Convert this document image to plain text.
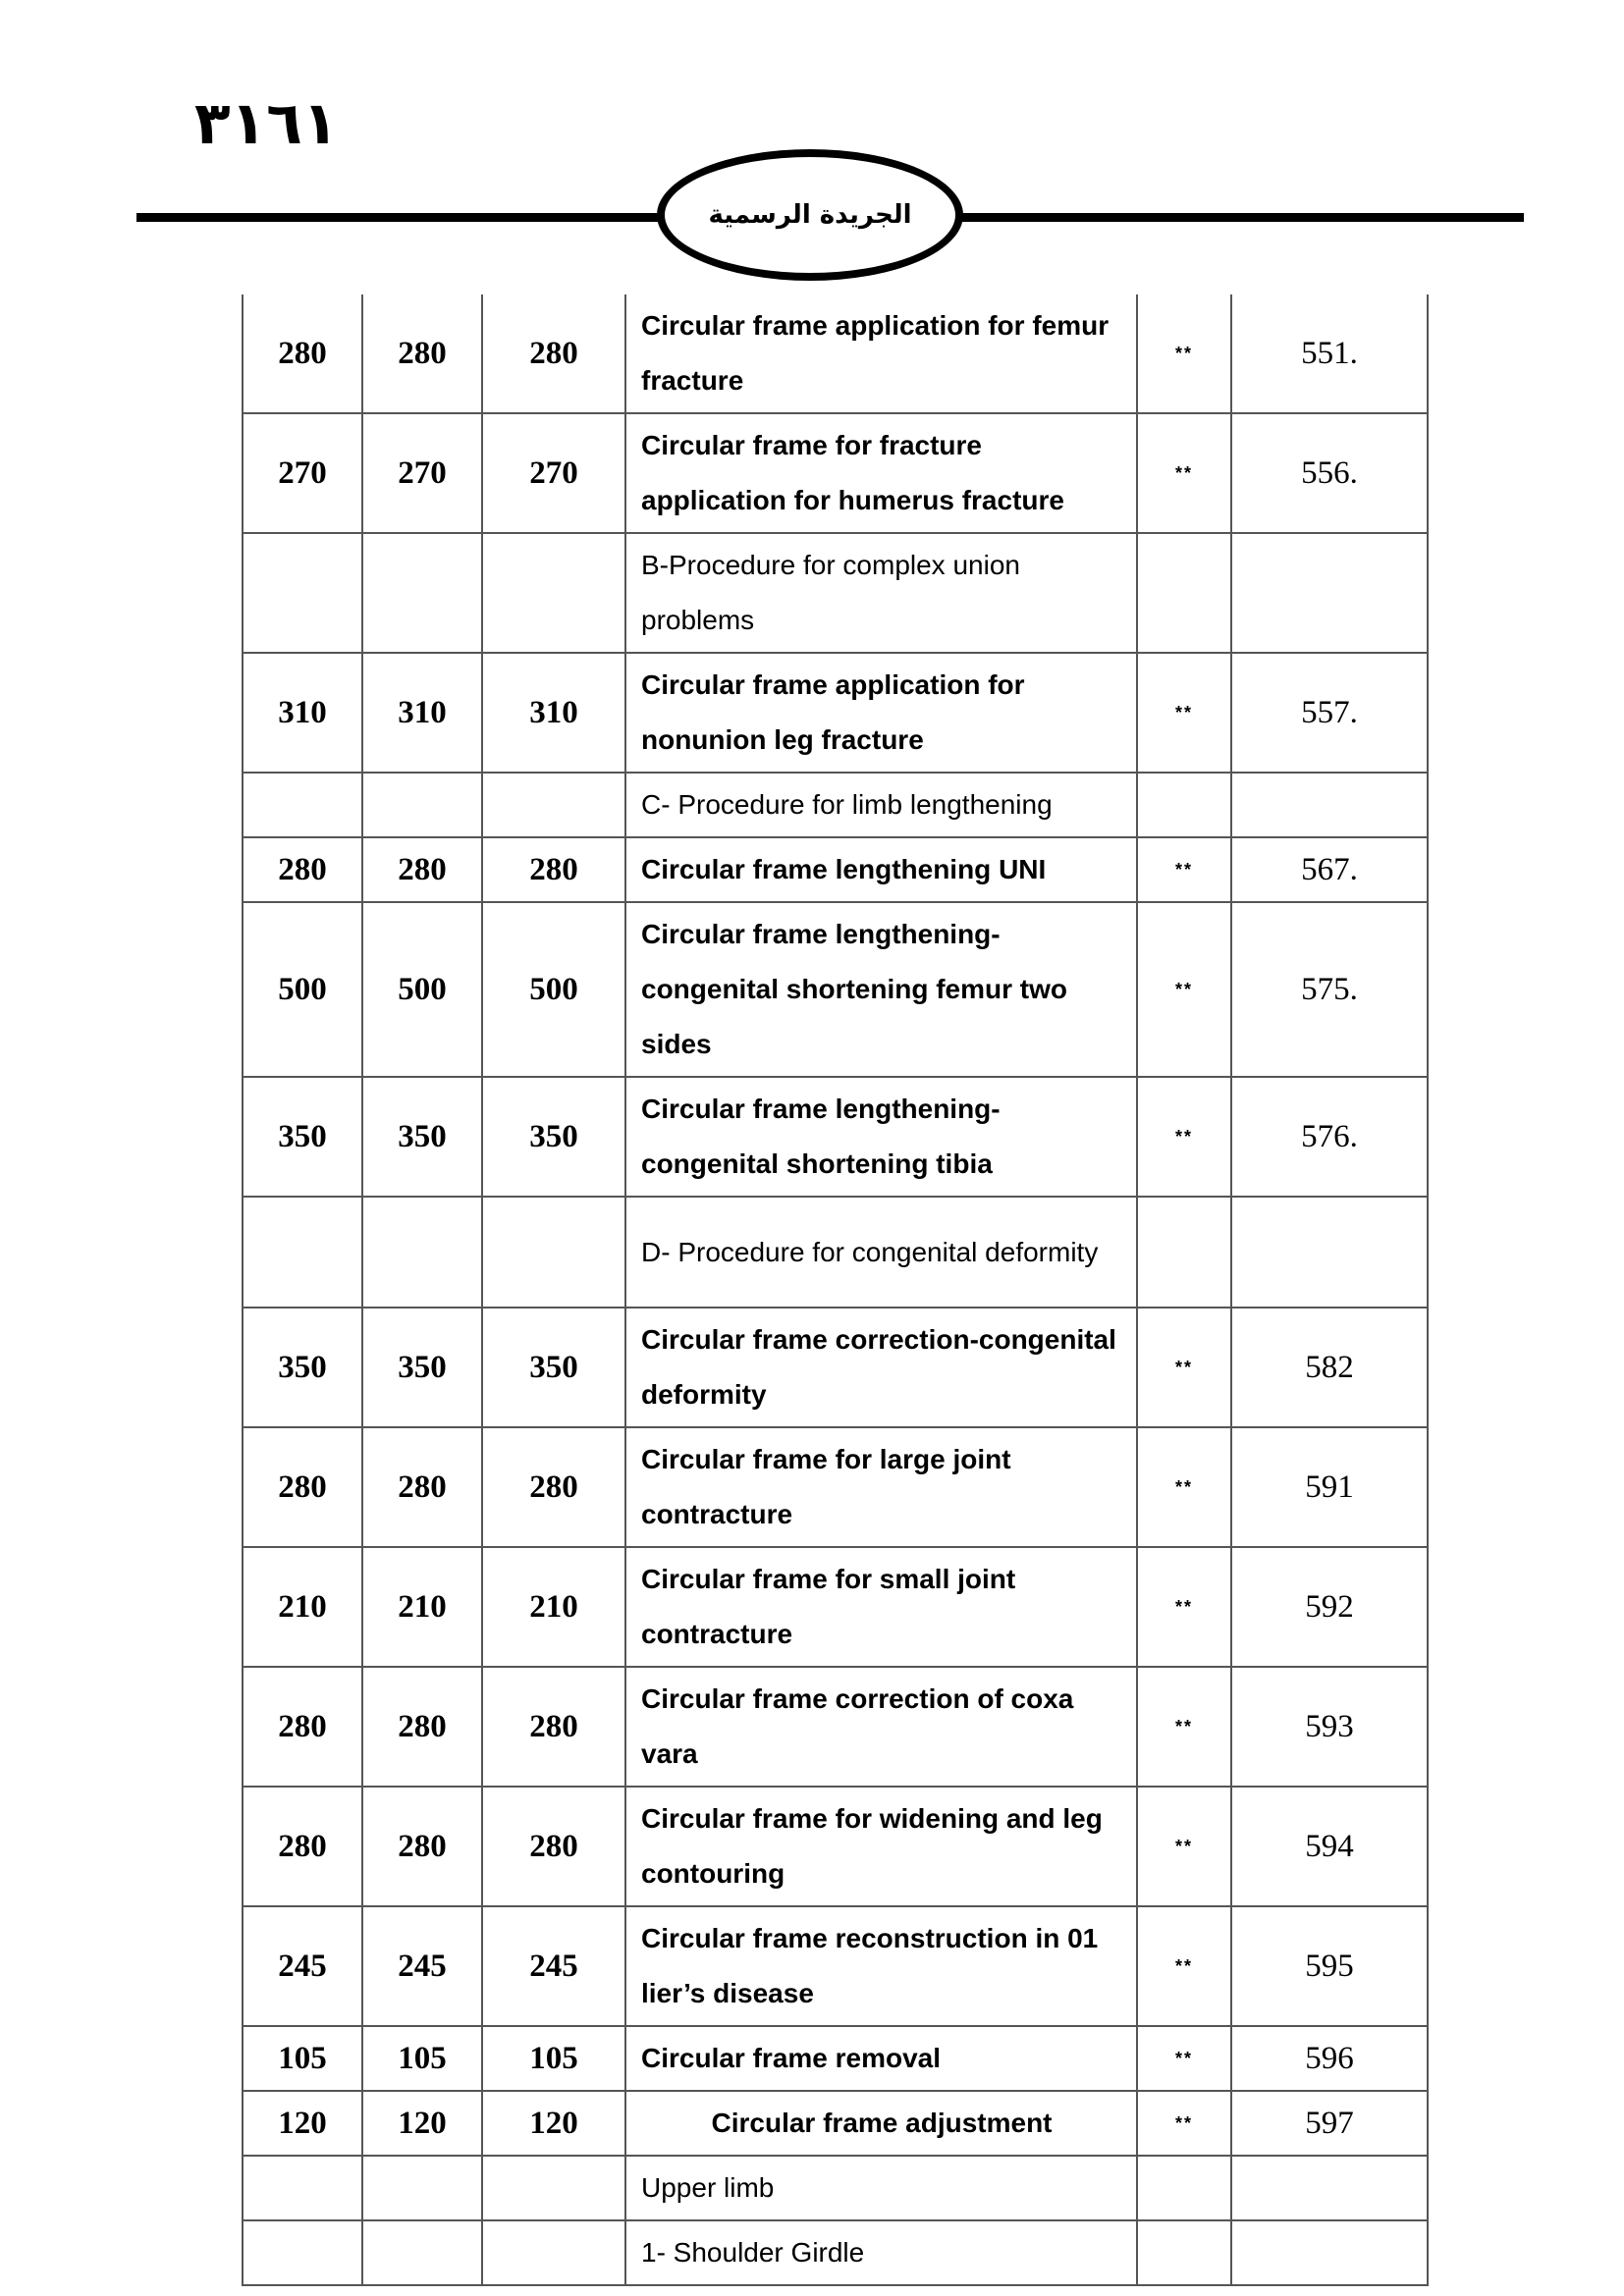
٣١٦١
الجريدة الرسمية
280	280	280	Circular frame application for femur fracture	**	551.
270	270	270	Circular frame for fracture application for humerus fracture	**	556.
			B-Procedure for complex union problems		
310	310	310	Circular frame application for nonunion leg fracture	**	557.
			C- Procedure for limb lengthening		
280	280	280	Circular frame lengthening UNI	**	567.
500	500	500	Circular frame lengthening-congenital shortening femur two sides	**	575.
350	350	350	Circular frame lengthening-congenital shortening tibia	**	576.
			D- Procedure for congenital deformity		
350	350	350	Circular frame correction-congenital deformity	**	582
280	280	280	Circular frame for large joint contracture	**	591
210	210	210	Circular frame for small joint contracture	**	592
280	280	280	Circular frame correction of coxa vara	**	593
280	280	280	Circular frame for widening and leg contouring	**	594
245	245	245	Circular frame reconstruction in 01 lier’s disease	**	595
105	105	105	Circular frame removal	**	596
120	120	120	Circular frame adjustment	**	597
			Upper limb		
			1- Shoulder Girdle		
